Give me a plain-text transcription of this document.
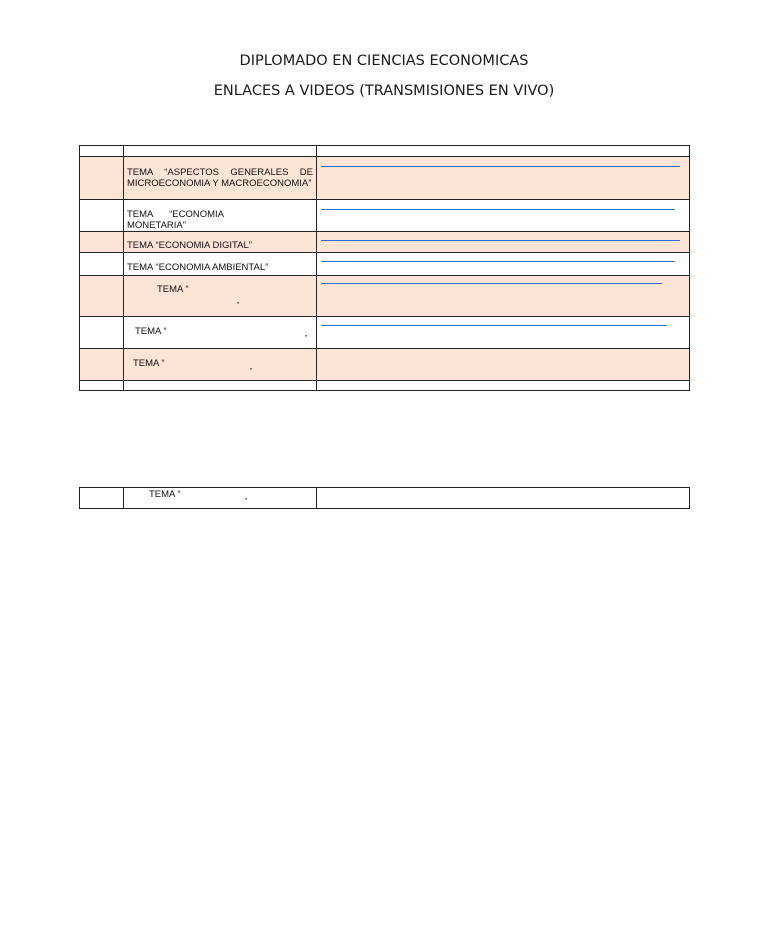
DIPLOMADO EN CIENCIAS ECONOMICAS
ENLACES A VIDEOS (TRANSMISIONES EN VIVO)

	TEMA “ASPECTOS GENERALES DE
MICROECONOMIA Y MACROECONOMIA”	

	TEMA “ECONOMIA
MONETARIA”	

	TEMA “ECONOMIA DIGITAL”	

	TEMA “ECONOMIA AMBIENTAL”	

	TEMA “
”	

	TEMA “
”	

	TEMA “
”	

TEMA “
”
